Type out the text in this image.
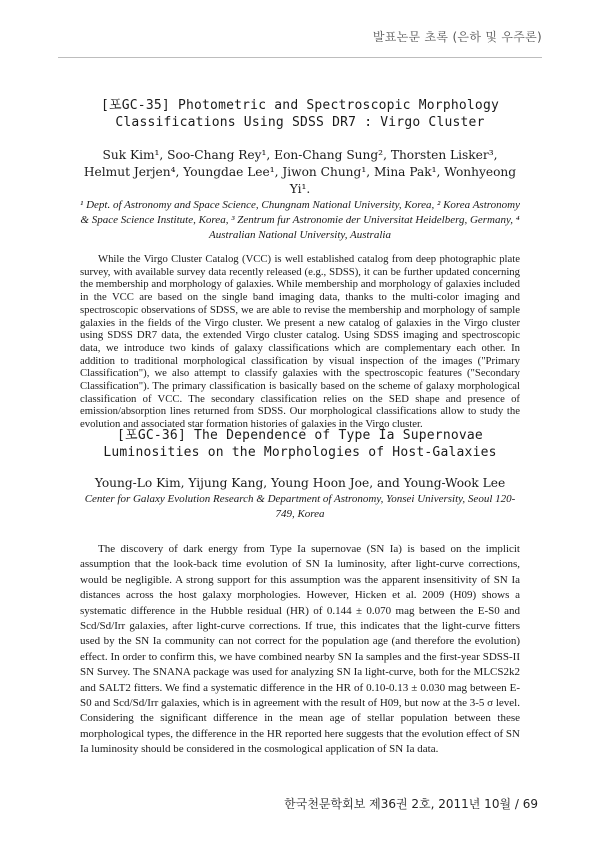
발표논문 초록 (은하 및 우주론)
[포GC-35] Photometric and Spectroscopic Morphology Classifications Using SDSS DR7 : Virgo Cluster
Suk Kim¹, Soo-Chang Rey¹, Eon-Chang Sung², Thorsten Lisker³, Helmut Jerjen⁴, Youngdae Lee¹, Jiwon Chung¹, Mina Pak¹, Wonhyeong Yi¹.
¹ Dept. of Astronomy and Space Science, Chungnam National University, Korea, ² Korea Astronomy & Space Science Institute, Korea, ³ Zentrum fur Astronomie der Universitat Heidelberg, Germany, ⁴ Australian National University, Australia
While the Virgo Cluster Catalog (VCC) is well established catalog from deep photographic plate survey, with available survey data recently released (e.g., SDSS), it can be further updated concerning the membership and morphology of galaxies. While membership and morphology of galaxies included in the VCC are based on the single band imaging data, thanks to the multi-color imaging and spectroscopic observations of SDSS, we are able to revise the membership and morphology of sample galaxies in the fields of the Virgo cluster. We present a new catalog of galaxies in the Virgo cluster using SDSS DR7 data, the extended Virgo cluster catalog. Using SDSS imaging and spectroscopic data, we introduce two kinds of galaxy classifications which are complementary each other. In addition to traditional morphological classification by visual inspection of the images ("Primary Classification"), we also attempt to classify galaxies with the spectroscopic features ("Secondary Classification"). The primary classification is basically based on the scheme of galaxy morphological classification of VCC. The secondary classification relies on the SED shape and presence of emission/absorption lines returned from SDSS. Our morphological classifications allow to study the evolution and associated star formation histories of galaxies in the Virgo cluster.
[포GC-36] The Dependence of Type Ia Supernovae Luminosities on the Morphologies of Host-Galaxies
Young-Lo Kim, Yijung Kang, Young Hoon Joe, and Young-Wook Lee
Center for Galaxy Evolution Research & Department of Astronomy, Yonsei University, Seoul 120-749, Korea
The discovery of dark energy from Type Ia supernovae (SN Ia) is based on the implicit assumption that the look-back time evolution of SN Ia luminosity, after light-curve corrections, would be negligible. A strong support for this assumption was the apparent insensitivity of SN Ia distances across the host galaxy morphologies. However, Hicken et al. 2009 (H09) shows a systematic difference in the Hubble residual (HR) of 0.144 ± 0.070 mag between the E-S0 and Scd/Sd/Irr galaxies, after light-curve corrections. If true, this indicates that the light-curve fitters used by the SN Ia community can not correct for the population age (and therefore the evolution) effect. In order to confirm this, we have combined nearby SN Ia samples and the first-year SDSS-II SN Survey. The SNANA package was used for analyzing SN Ia light-curve, both for the MLCS2k2 and SALT2 fitters. We find a systematic difference in the HR of 0.10-0.13 ± 0.030 mag between E-S0 and Scd/Sd/Irr galaxies, which is in agreement with the result of H09, but now at the 3-5 σ level. Considering the significant difference in the mean age of stellar population between these morphological types, the difference in the HR reported here suggests that the evolution effect of SN Ia luminosity should be considered in the cosmological application of SN Ia data.
한국천문학회보 제36권 2호, 2011년 10월 / 69
